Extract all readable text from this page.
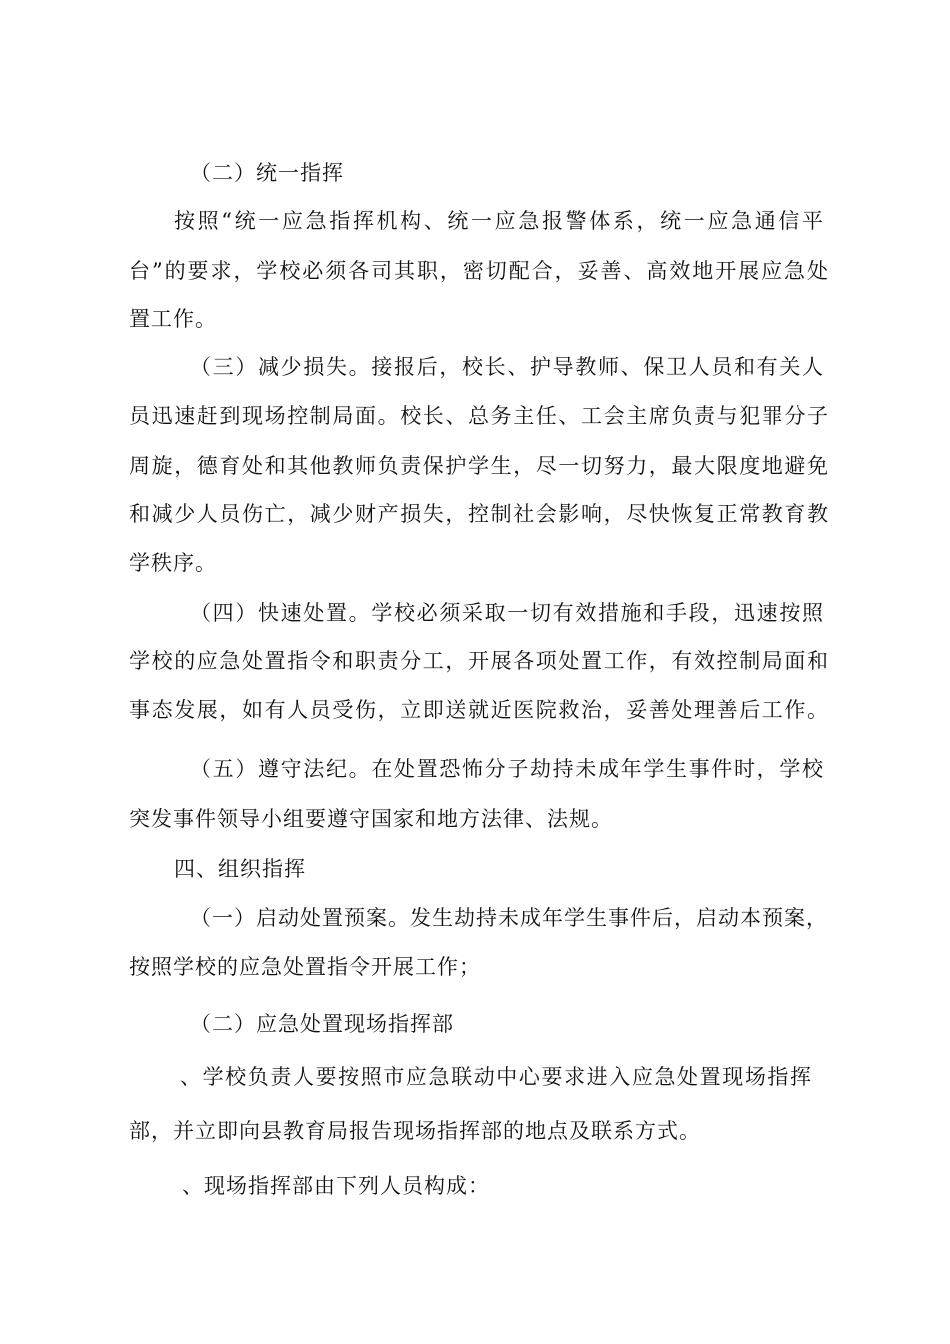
（二）统一指挥
按照“统一应急指挥机构、统一应急报警体系，统一应急通信平
台”的要求，学校必须各司其职，密切配合，妥善、高效地开展应急处
置工作。
（三）减少损失。接报后，校长、护导教师、保卫人员和有关人
员迅速赶到现场控制局面。校长、总务主任、工会主席负责与犯罪分子
周旋，德育处和其他教师负责保护学生，尽一切努力，最大限度地避免
和减少人员伤亡，减少财产损失，控制社会影响，尽快恢复正常教育教
学秩序。
（四）快速处置。学校必须采取一切有效措施和手段，迅速按照
学校的应急处置指令和职责分工，开展各项处置工作，有效控制局面和
事态发展，如有人员受伤，立即送就近医院救治，妥善处理善后工作。
（五）遵守法纪。在处置恐怖分子劫持未成年学生事件时，学校
突发事件领导小组要遵守国家和地方法律、法规。
四、组织指挥
（一）启动处置预案。发生劫持未成年学生事件后，启动本预案，
按照学校的应急处置指令开展工作；
（二）应急处置现场指挥部
、学校负责人要按照市应急联动中心要求进入应急处置现场指挥
部，并立即向县教育局报告现场指挥部的地点及联系方式。
、现场指挥部由下列人员构成：
